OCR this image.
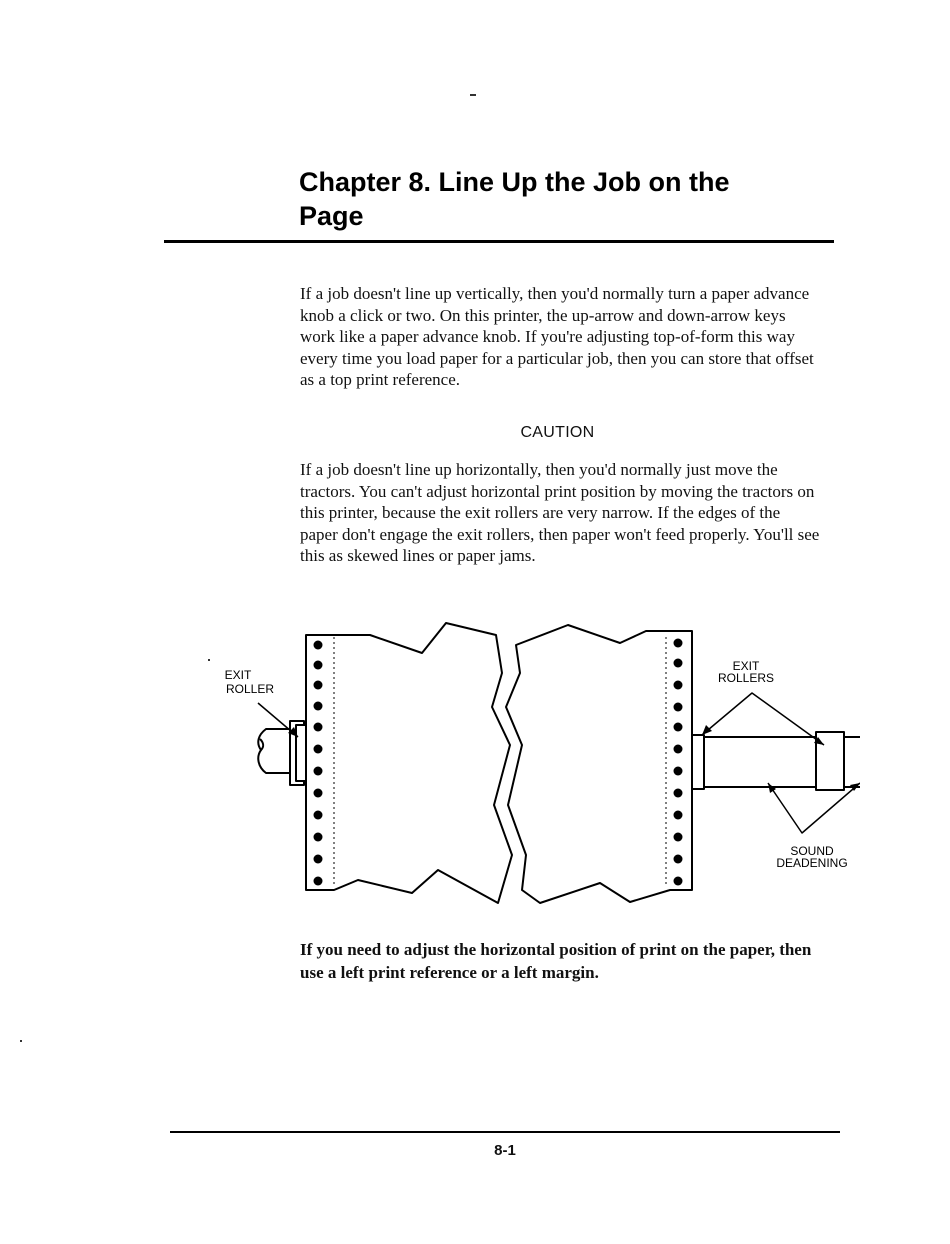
Chapter 8. Line Up the Job on the
Page

If a job doesn't line up vertically, then you'd normally turn a paper advance knob a click or two. On this printer, the up-arrow and down-arrow keys work like a paper advance knob. If you're adjusting top-of-form this way every time you load paper for a particular job, then you can store that offset as a top print reference.

CAUTION

If a job doesn't line up horizontally, then you'd normally just move the tractors. You can't adjust horizontal print position by moving the tractors on this printer, because the exit rollers are very narrow. If the edges of the paper don't engage the exit rollers, then paper won't feed properly. You'll see this as skewed lines or paper jams.

EXIT
ROLLER
EXIT
ROLLERS
SOUND
DEADENING

If you need to adjust the horizontal position of print on the paper, then use a left print reference or a left margin.

8-1
